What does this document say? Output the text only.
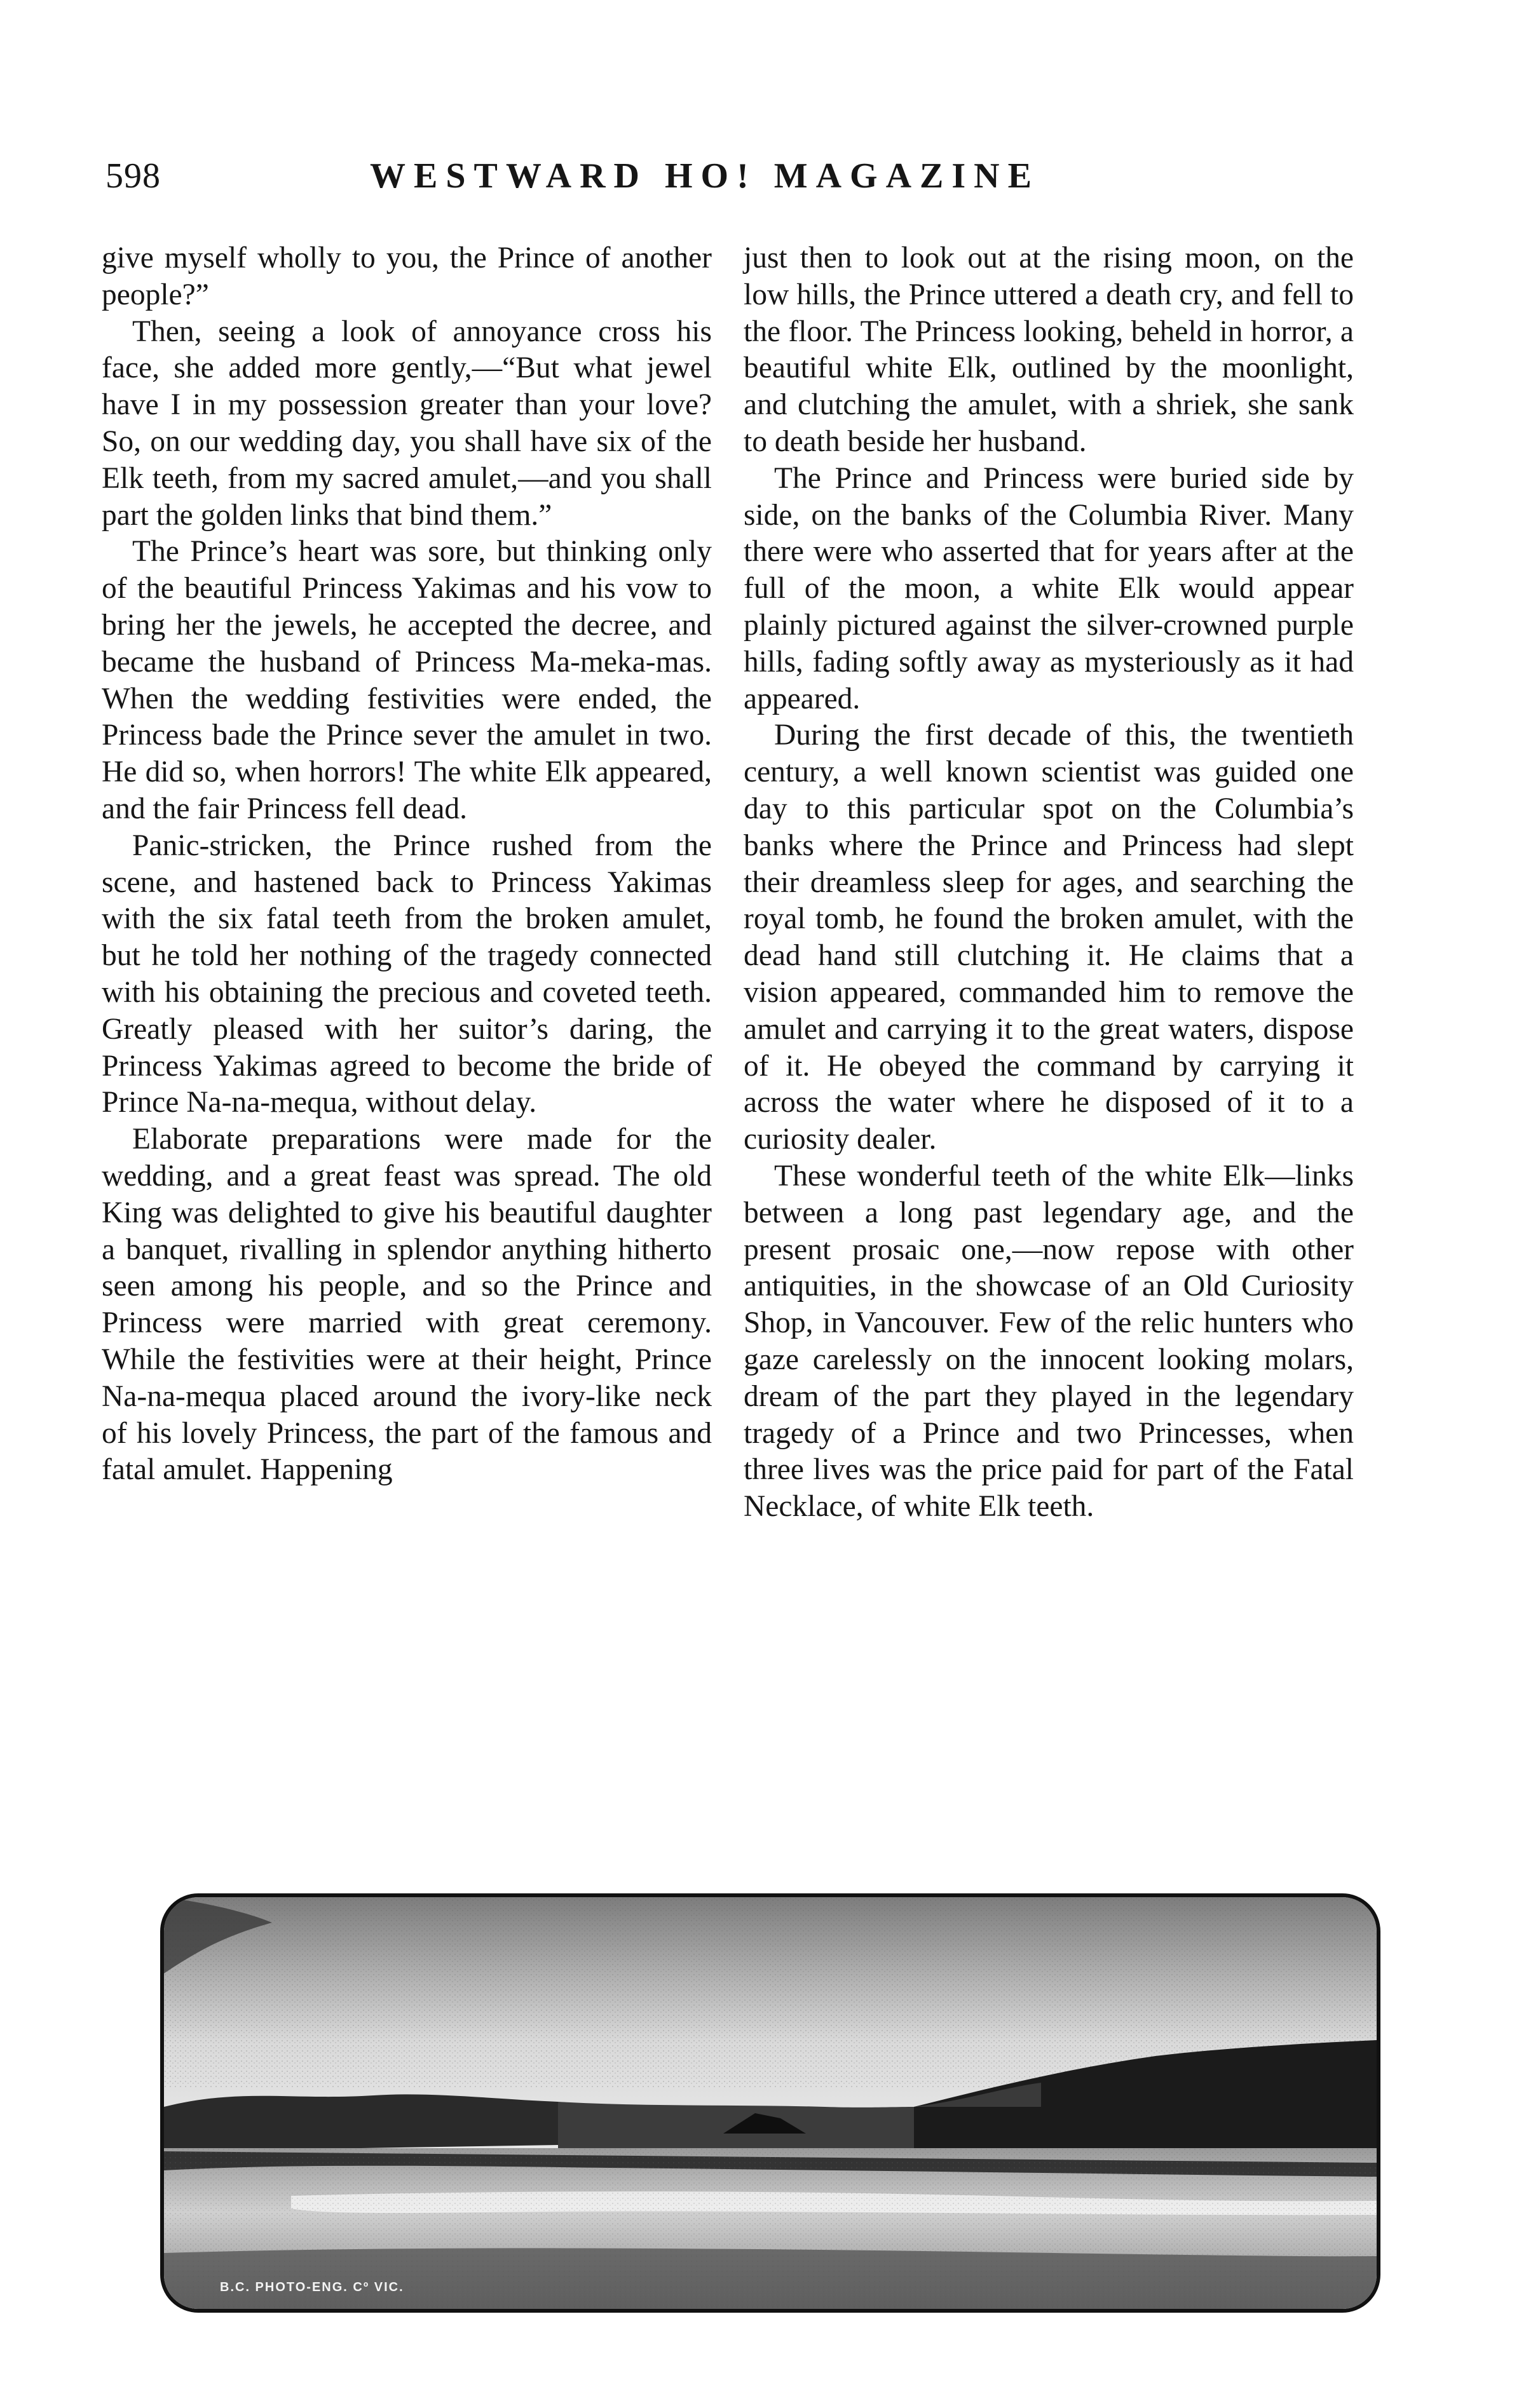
598	WESTWARD HO! MAGAZINE

give myself wholly to you, the Prince of another people?”

Then, seeing a look of annoyance cross his face, she added more gently,—“But what jewel have I in my possession greater than your love? So, on our wedding day, you shall have six of the Elk teeth, from my sacred amulet,—and you shall part the golden links that bind them.”

The Prince’s heart was sore, but thinking only of the beautiful Princess Yakimas and his vow to bring her the jewels, he accepted the decree, and became the husband of Princess Ma-meka-mas. When the wedding festivities were ended, the Princess bade the Prince sever the amulet in two. He did so, when horrors! The white Elk appeared, and the fair Princess fell dead.

Panic-stricken, the Prince rushed from the scene, and hastened back to Princess Yakimas with the six fatal teeth from the broken amulet, but he told her nothing of the tragedy connected with his obtaining the precious and coveted teeth. Greatly pleased with her suitor’s daring, the Princess Yakimas agreed to become the bride of Prince Na-na-mequa, without delay.

Elaborate preparations were made for the wedding, and a great feast was spread. The old King was delighted to give his beautiful daughter a banquet, rivalling in splendor anything hitherto seen among his people, and so the Prince and Princess were married with great ceremony. While the festivities were at their height, Prince Na-na-mequa placed around the ivory-like neck of his lovely Princess, the part of the famous and fatal amulet. Happening

just then to look out at the rising moon, on the low hills, the Prince uttered a death cry, and fell to the floor. The Princess looking, beheld in horror, a beautiful white Elk, outlined by the moonlight, and clutching the amulet, with a shriek, she sank to death beside her husband.

The Prince and Princess were buried side by side, on the banks of the Columbia River. Many there were who asserted that for years after at the full of the moon, a white Elk would appear plainly pictured against the silver-crowned purple hills, fading softly away as mysteriously as it had appeared.

During the first decade of this, the twentieth century, a well known scientist was guided one day to this particular spot on the Columbia’s banks where the Prince and Princess had slept their dreamless sleep for ages, and searching the royal tomb, he found the broken amulet, with the dead hand still clutching it. He claims that a vision appeared, commanded him to remove the amulet and carrying it to the great waters, dispose of it. He obeyed the command by carrying it across the water where he disposed of it to a curiosity dealer.

These wonderful teeth of the white Elk—links between a long past legendary age, and the present prosaic one,—now repose with other antiquities, in the showcase of an Old Curiosity Shop, in Vancouver. Few of the relic hunters who gaze carelessly on the innocent looking molars, dream of the part they played in the legendary tragedy of a Prince and two Princesses, when three lives was the price paid for part of the Fatal Necklace, of white Elk teeth.

B.C. PHOTO-ENG. Cº VIC.
